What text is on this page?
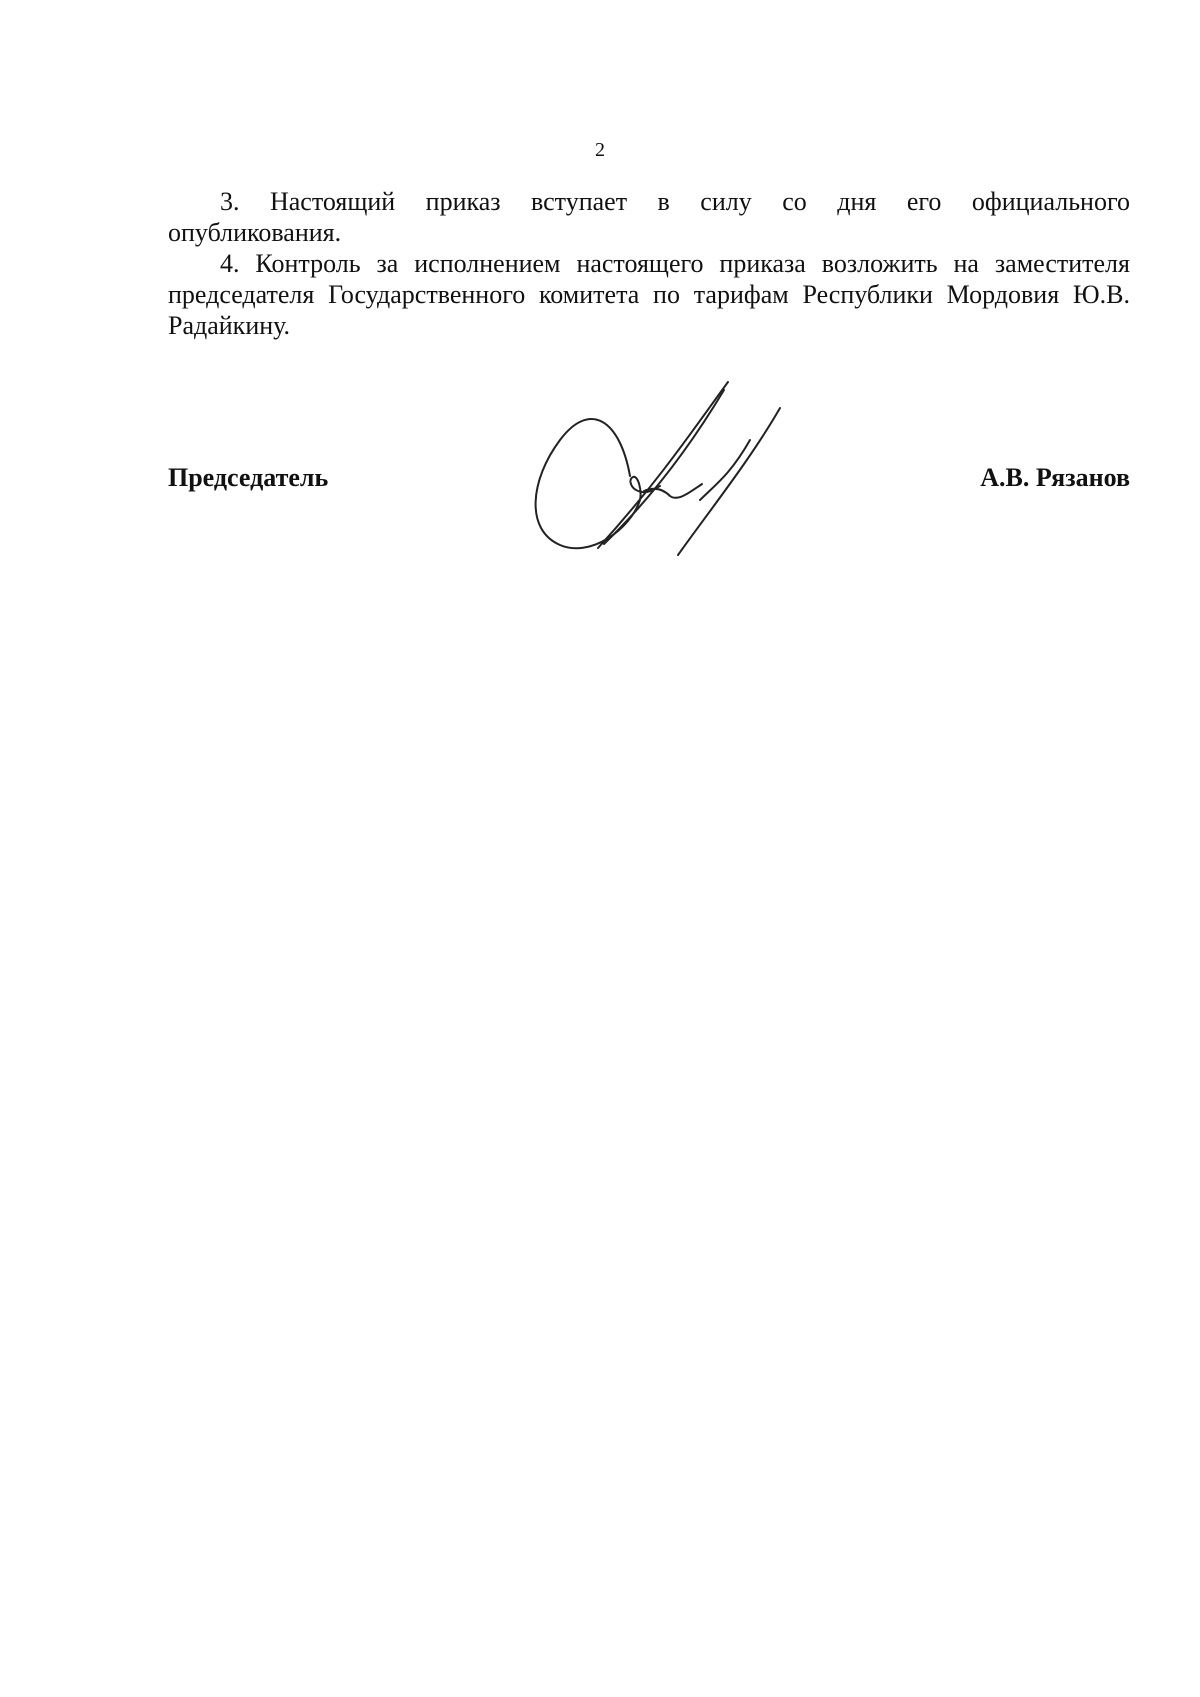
2

3. Настоящий приказ вступает в силу со дня его официального

опубликования.

4. Контроль за исполнением настоящего приказа возложить на заместителя председателя Государственного комитета по тарифам Республики Мордовия Ю.В. Радайкину.

Председатель	А.В. Рязанов
